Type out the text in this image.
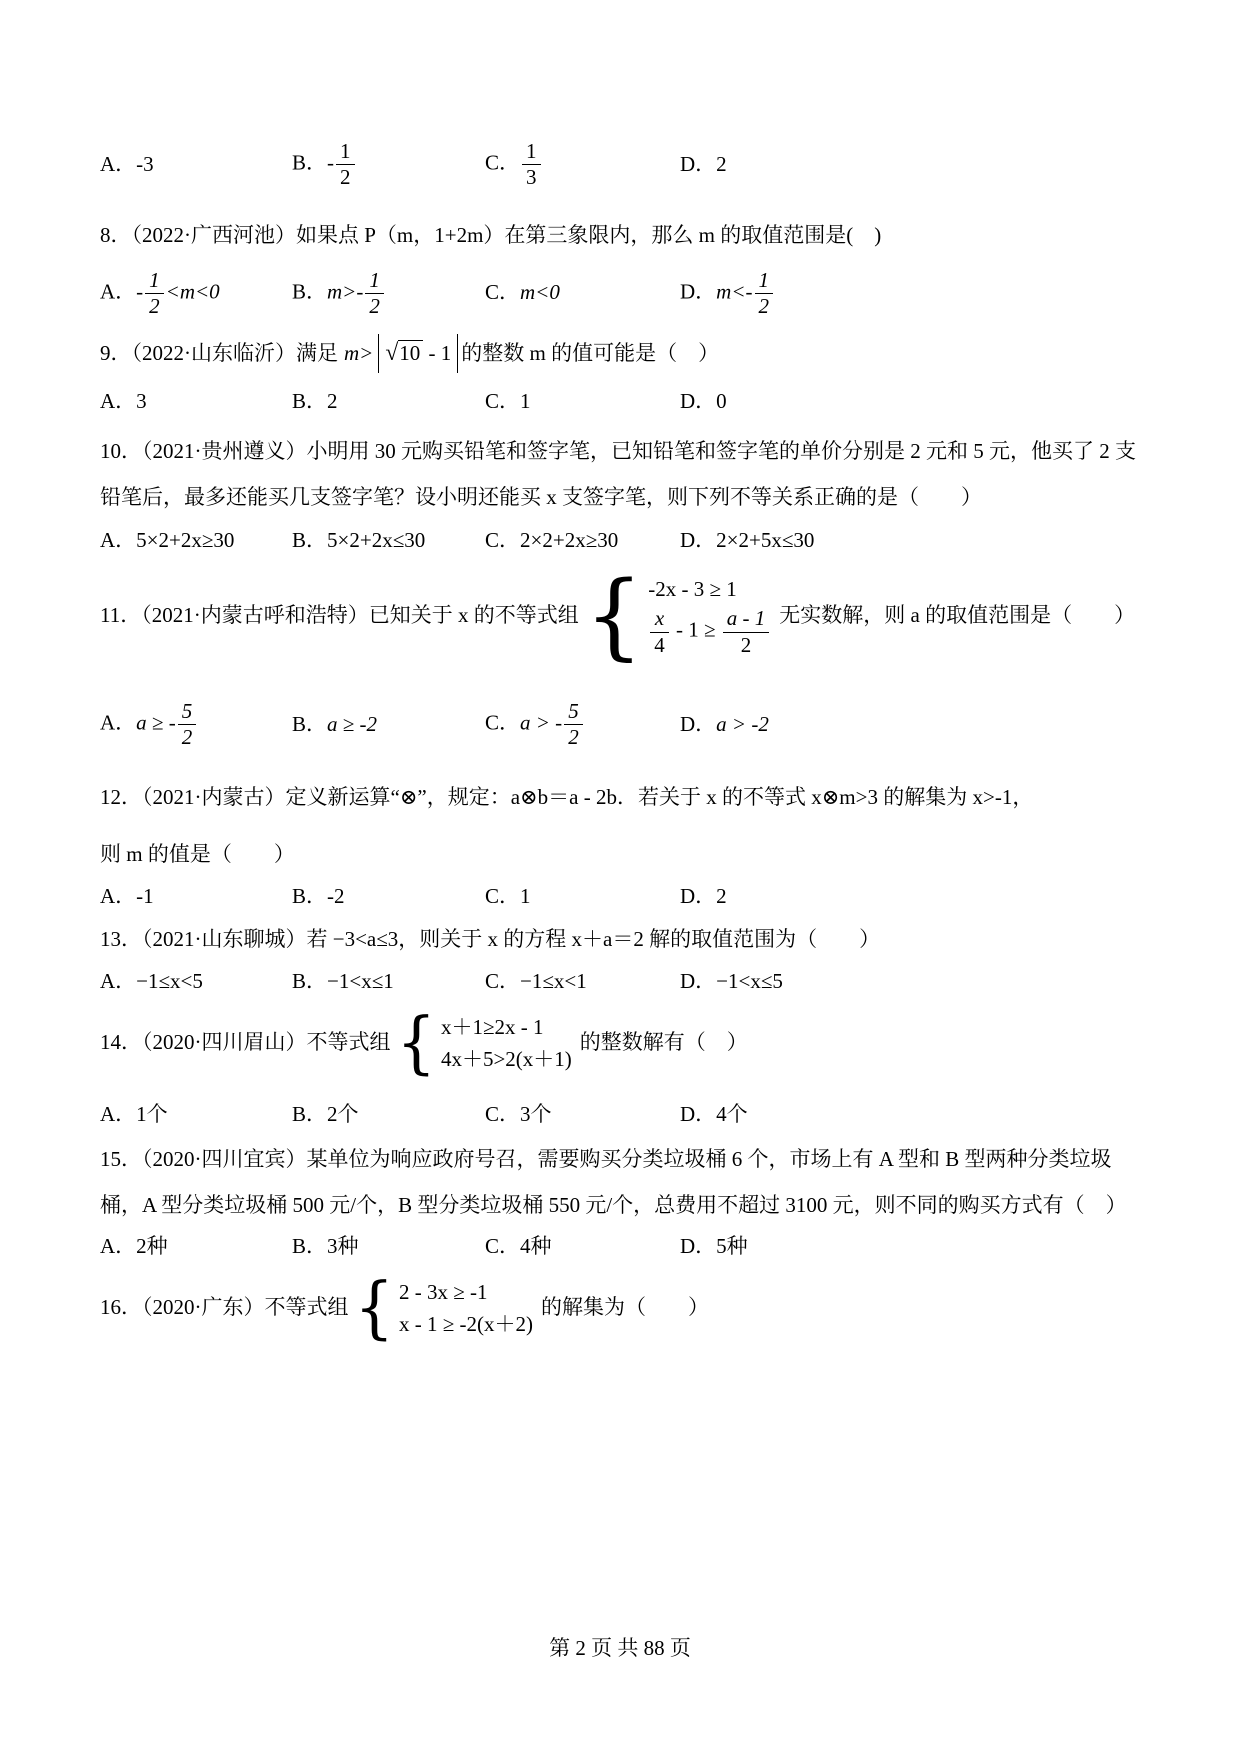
A．-3	B．- $\frac{1}{2}$	C． $\frac{1}{3}$	D．2
8．（2022·广西河池）如果点 P（m，1+2m）在第三象限内，那么 m 的取值范围是(　)
A．- $\frac{1}{2} <m<0$	B．$m>- \frac{1}{2}$	C．m<0	D．$m<- \frac{1}{2}$
9．（2022·山东临沂）满足 m> √10 - 1 的整数 m 的值可能是（　）
A．3	B．2	C．1	D．0
10．（2021·贵州遵义）小明用 30 元购买铅笔和签字笔，已知铅笔和签字笔的单价分别是 2 元和 5 元，他买了 2 支铅笔后，最多还能买几支签字笔？设小明还能买 x 支签字笔，则下列不等关系正确的是（　　）
A．5×2+2x≥30	B．5×2+2x≤30	C．2×2+2x≥30	D．2×2+5x≤30
11．（2021·内蒙古呼和浩特）已知关于 x 的不等式组 { -2x - 3 ≥ 1
$\frac{x}{4} - 1 \ge \frac{a - 1}{2}$ 无实数解，则 a 的取值范围是（　　）
A．a ≥ - $\frac{5}{2}$	B．a ≥ -2	C．a > - $\frac{5}{2}$	D．a > -2
12．（2021·内蒙古）定义新运算“⊗”，规定：a⊗b＝a - 2b．若关于 x 的不等式 x⊗m>3 的解集为 x>-1，
则 m 的值是（　　）
A．-1	B．-2	C．1	D．2
13．（2021·山东聊城）若 −3<a≤3，则关于 x 的方程 x＋a＝2 解的取值范围为（　　）
A．−1≤x<5	B．−1<x≤1	C．−1≤x<1	D．−1<x≤5
14．（2020·四川眉山）不等式组 { x＋1≥2x - 1
4x＋5>2(x＋1)
的整数解有（　）
A．1个	B．2个	C．3个	D．4个
15．（2020·四川宜宾）某单位为响应政府号召，需要购买分类垃圾桶 6 个，市场上有 A 型和 B 型两种分类垃圾桶，A 型分类垃圾桶 500 元/个，B 型分类垃圾桶 550 元/个，总费用不超过 3100 元，则不同的购买方式有（　）
A．2种	B．3种	C．4种	D．5种
16．（2020·广东）不等式组 { 2 - 3x ≥ -1
x - 1 ≥ -2(x＋2)
的解集为（　　）
第 2 页 共 88 页
